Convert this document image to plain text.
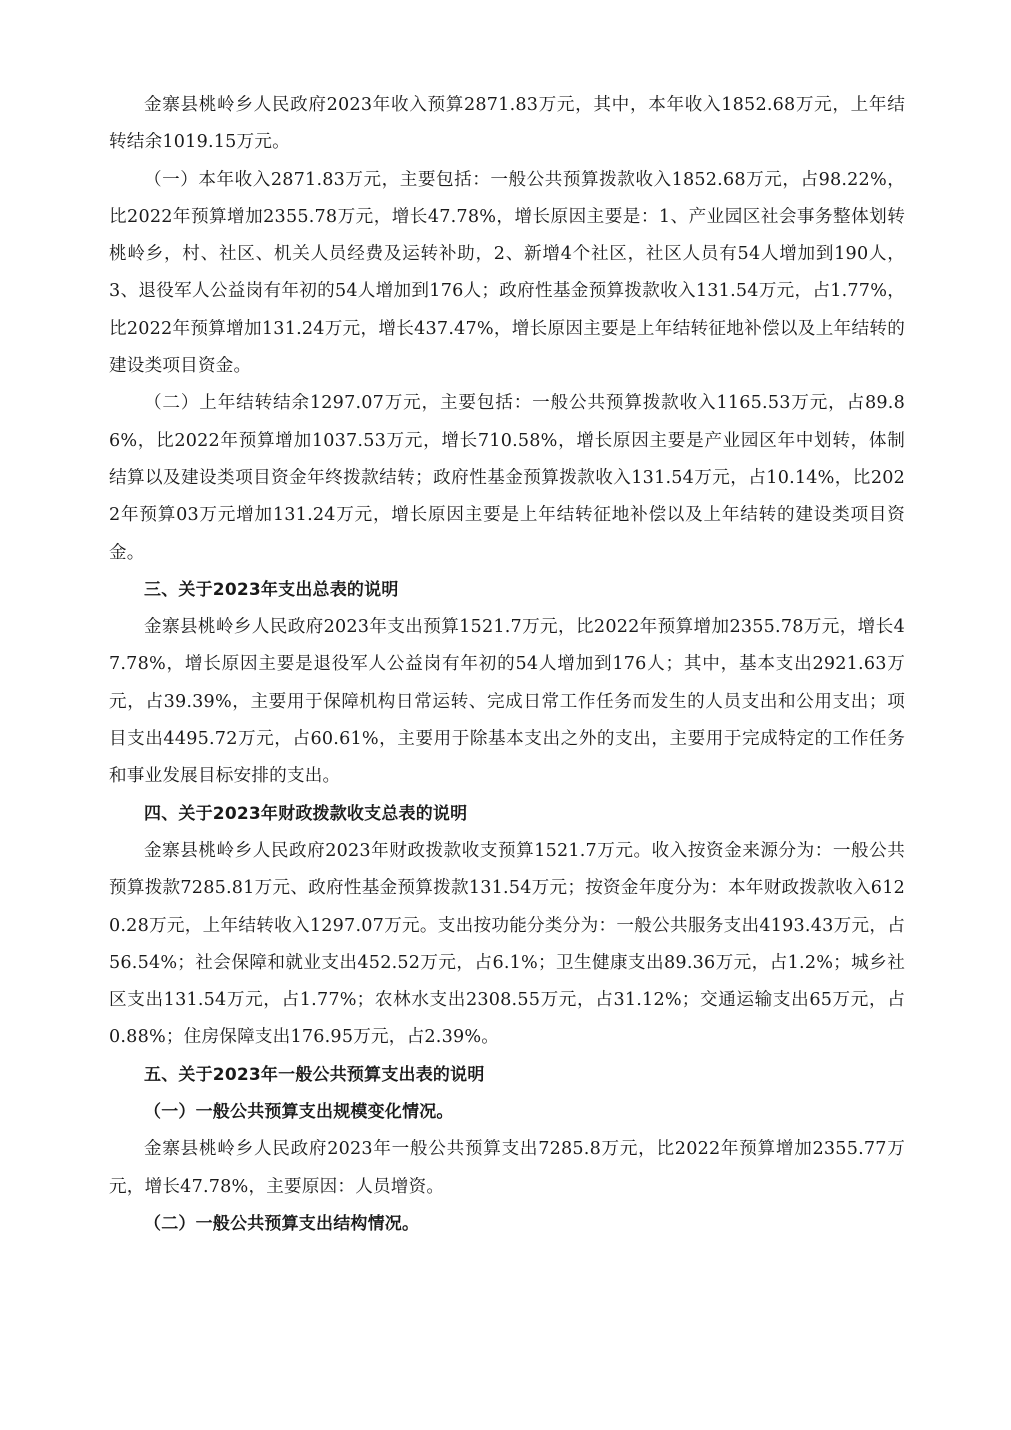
金寨县桃岭乡人民政府2023年收入预算2871.83万元，其中，本年收入1852.68万元，上年结转结余1019.15万元。

（一）本年收入2871.83万元，主要包括：一般公共预算拨款收入1852.68万元，占98.22%，比2022年预算增加2355.78万元，增长47.78%，增长原因主要是：1、产业园区社会事务整体划转桃岭乡，村、社区、机关人员经费及运转补助，2、新增4个社区，社区人员有54人增加到190人，3、退役军人公益岗有年初的54人增加到176人；政府性基金预算拨款收入131.54万元，占1.77%，比2022年预算增加131.24万元，增长437.47%，增长原因主要是上年结转征地补偿以及上年结转的建设类项目资金。

（二）上年结转结余1297.07万元，主要包括：一般公共预算拨款收入1165.53万元，占89.86%，比2022年预算增加1037.53万元，增长710.58%，增长原因主要是产业园区年中划转，体制结算以及建设类项目资金年终拨款结转；政府性基金预算拨款收入131.54万元，占10.14%，比2022年预算03万元增加131.24万元，增长原因主要是上年结转征地补偿以及上年结转的建设类项目资金。

三、关于2023年支出总表的说明

金寨县桃岭乡人民政府2023年支出预算1521.7万元，比2022年预算增加2355.78万元，增长47.78%，增长原因主要是退役军人公益岗有年初的54人增加到176人；其中，基本支出2921.63万元，占39.39%，主要用于保障机构日常运转、完成日常工作任务而发生的人员支出和公用支出；项目支出4495.72万元，占60.61%，主要用于除基本支出之外的支出，主要用于完成特定的工作任务和事业发展目标安排的支出。

四、关于2023年财政拨款收支总表的说明

金寨县桃岭乡人民政府2023年财政拨款收支预算1521.7万元。收入按资金来源分为：一般公共预算拨款7285.81万元、政府性基金预算拨款131.54万元；按资金年度分为：本年财政拨款收入6120.28万元，上年结转收入1297.07万元。支出按功能分类分为：一般公共服务支出4193.43万元，占56.54%；社会保障和就业支出452.52万元，占6.1%；卫生健康支出89.36万元，占1.2%；城乡社区支出131.54万元，占1.77%；农林水支出2308.55万元，占31.12%；交通运输支出65万元，占0.88%；住房保障支出176.95万元，占2.39%。

五、关于2023年一般公共预算支出表的说明

（一）一般公共预算支出规模变化情况。

金寨县桃岭乡人民政府2023年一般公共预算支出7285.8万元，比2022年预算增加2355.77万元，增长47.78%，主要原因：人员增资。

（二）一般公共预算支出结构情况。
